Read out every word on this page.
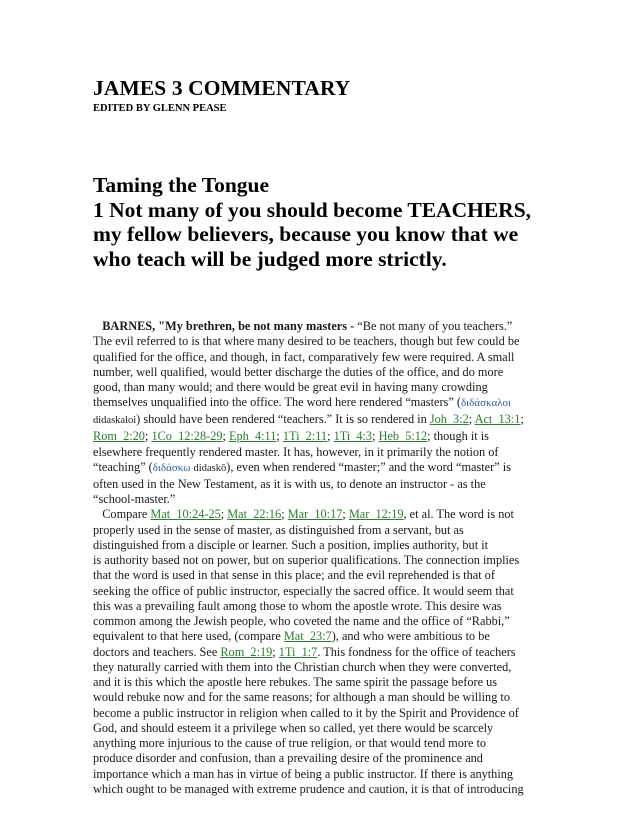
JAMES 3 COMMENTARY
EDITED BY GLENN PEASE
Taming the Tongue
1 Not many of you should become TEACHERS,
my fellow believers, because you know that we
who teach will be judged more strictly.
BARNES, "My brethren, be not many masters - “Be not many of you teachers.”
The evil referred to is that where many desired to be teachers, though but few could be
qualified for the office, and though, in fact, comparatively few were required. A small
number, well qualified, would better discharge the duties of the office, and do more
good, than many would; and there would be great evil in having many crowding
themselves unqualified into the office. The word here rendered “masters” (διδάσκαλοι
didaskaloi) should have been rendered “teachers.” It is so rendered in Joh_3:2; Act_13:1;
Rom_2:20; 1Co_12:28-29; Eph_4:11; 1Ti_2:11; 1Ti_4:3; Heb_5:12; though it is
elsewhere frequently rendered master. It has, however, in it primarily the notion of
“teaching” (διδάσκω didaskō), even when rendered “master;” and the word “master” is
often used in the New Testament, as it is with us, to denote an instructor - as the
“school-master.”
Compare Mat_10:24-25; Mat_22:16; Mar_10:17; Mar_12:19, et al. The word is not
properly used in the sense of master, as distinguished from a servant, but as
distinguished from a disciple or learner. Such a position, implies authority, but it
is authority based not on power, but on superior qualifications. The connection implies
that the word is used in that sense in this place; and the evil reprehended is that of
seeking the office of public instructor, especially the sacred office. It would seem that
this was a prevailing fault among those to whom the apostle wrote. This desire was
common among the Jewish people, who coveted the name and the office of “Rabbi,”
equivalent to that here used, (compare Mat_23:7), and who were ambitious to be
doctors and teachers. See Rom_2:19; 1Ti_1:7. This fondness for the office of teachers
they naturally carried with them into the Christian church when they were converted,
and it is this which the apostle here rebukes. The same spirit the passage before us
would rebuke now and for the same reasons; for although a man should be willing to
become a public instructor in religion when called to it by the Spirit and Providence of
God, and should esteem it a privilege when so called, yet there would be scarcely
anything more injurious to the cause of true religion, or that would tend more to
produce disorder and confusion, than a prevailing desire of the prominence and
importance which a man has in virtue of being a public instructor. If there is anything
which ought to be managed with extreme prudence and caution, it is that of introducing
